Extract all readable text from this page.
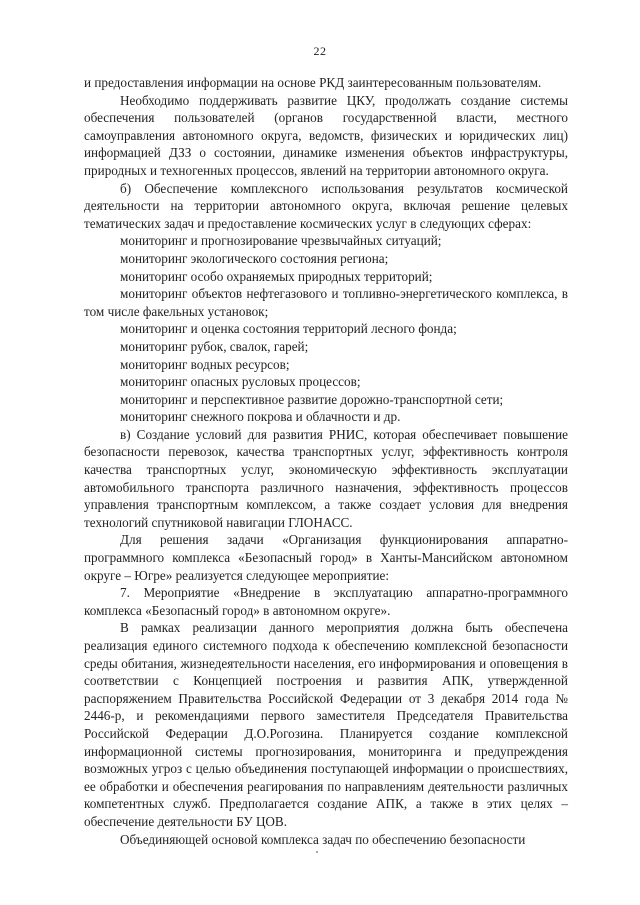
22

и предоставления информации на основе РКД заинтересованным пользователям.

Необходимо поддерживать развитие ЦКУ, продолжать создание системы обеспечения пользователей (органов государственной власти, местного самоуправления автономного округа, ведомств, физических и юридических лиц) информацией ДЗЗ о состоянии, динамике изменения объектов инфраструктуры, природных и техногенных процессов, явлений на территории автономного округа.

б) Обеспечение комплексного использования результатов космической деятельности на территории автономного округа, включая решение целевых тематических задач и предоставление космических услуг в следующих сферах:

мониторинг и прогнозирование чрезвычайных ситуаций;

мониторинг экологического состояния региона;

мониторинг особо охраняемых природных территорий;

мониторинг объектов нефтегазового и топливно-энергетического комплекса, в том числе факельных установок;

мониторинг и оценка состояния территорий лесного фонда;

мониторинг рубок, свалок, гарей;

мониторинг водных ресурсов;

мониторинг опасных русловых процессов;

мониторинг и перспективное развитие дорожно-транспортной сети;

мониторинг снежного покрова и облачности и др.

в) Создание условий для развития РНИС, которая обеспечивает повышение безопасности перевозок, качества транспортных услуг, эффективность контроля качества транспортных услуг, экономическую эффективность эксплуатации автомобильного транспорта различного назначения, эффективность процессов управления транспортным комплексом, а также создает условия для внедрения технологий спутниковой навигации ГЛОНАСС.

Для решения задачи «Организация функционирования аппаратно-программного комплекса «Безопасный город» в Ханты-Мансийском автономном округе – Югре» реализуется следующее мероприятие:

7. Мероприятие «Внедрение в эксплуатацию аппаратно-программного комплекса «Безопасный город» в автономном округе».

В рамках реализации данного мероприятия должна быть обеспечена реализация единого системного подхода к обеспечению комплексной безопасности среды обитания, жизнедеятельности населения, его информирования и оповещения в соответствии с Концепцией построения и развития АПК, утвержденной распоряжением Правительства Российской Федерации от 3 декабря 2014 года № 2446-р, и рекомендациями первого заместителя Председателя Правительства Российской Федерации Д.О.Рогозина. Планируется создание комплексной информационной системы прогнозирования, мониторинга и предупреждения возможных угроз с целью объединения поступающей информации о происшествиях, ее обработки и обеспечения реагирования по направлениям деятельности различных компетентных служб. Предполагается создание АПК, а также в этих целях – обеспечение деятельности БУ ЦОВ.

Объединяющей основой комплекса задач по обеспечению безопасности
